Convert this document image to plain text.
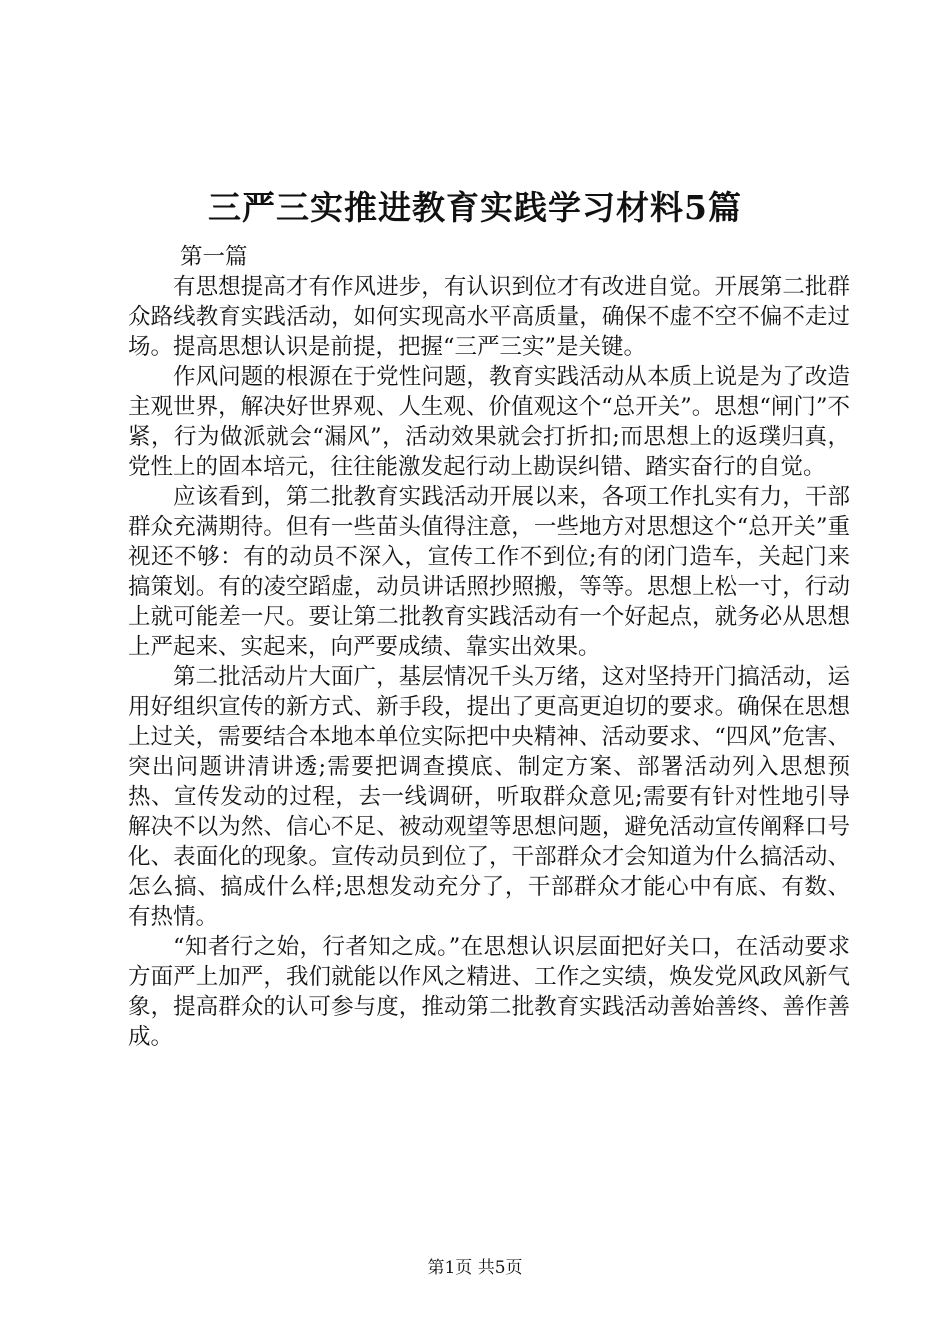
三严三实推进教育实践学习材料5篇

第一篇

有思想提高才有作风进步，有认识到位才有改进自觉。开展第二批群众路线教育实践活动，如何实现高水平高质量，确保不虚不空不偏不走过场。提高思想认识是前提，把握“三严三实”是关键。

作风问题的根源在于党性问题，教育实践活动从本质上说是为了改造主观世界，解决好世界观、人生观、价值观这个“总开关”。思想“闸门”不紧，行为做派就会“漏风”，活动效果就会打折扣;而思想上的返璞归真，党性上的固本培元，往往能激发起行动上勘误纠错、踏实奋行的自觉。

应该看到，第二批教育实践活动开展以来，各项工作扎实有力，干部群众充满期待。但有一些苗头值得注意，一些地方对思想这个“总开关”重视还不够：有的动员不深入，宣传工作不到位;有的闭门造车，关起门来搞策划。有的凌空蹈虚，动员讲话照抄照搬，等等。思想上松一寸，行动上就可能差一尺。要让第二批教育实践活动有一个好起点，就务必从思想上严起来、实起来，向严要成绩、靠实出效果。

第二批活动片大面广，基层情况千头万绪，这对坚持开门搞活动，运用好组织宣传的新方式、新手段，提出了更高更迫切的要求。确保在思想上过关，需要结合本地本单位实际把中央精神、活动要求、“四风”危害、突出问题讲清讲透;需要把调查摸底、制定方案、部署活动列入思想预热、宣传发动的过程，去一线调研，听取群众意见;需要有针对性地引导解决不以为然、信心不足、被动观望等思想问题，避免活动宣传阐释口号化、表面化的现象。宣传动员到位了，干部群众才会知道为什么搞活动、怎么搞、搞成什么样;思想发动充分了，干部群众才能心中有底、有数、有热情。

“知者行之始，行者知之成。”在思想认识层面把好关口，在活动要求方面严上加严，我们就能以作风之精进、工作之实绩，焕发党风政风新气象，提高群众的认可参与度，推动第二批教育实践活动善始善终、善作善成。

第1页 共5页
